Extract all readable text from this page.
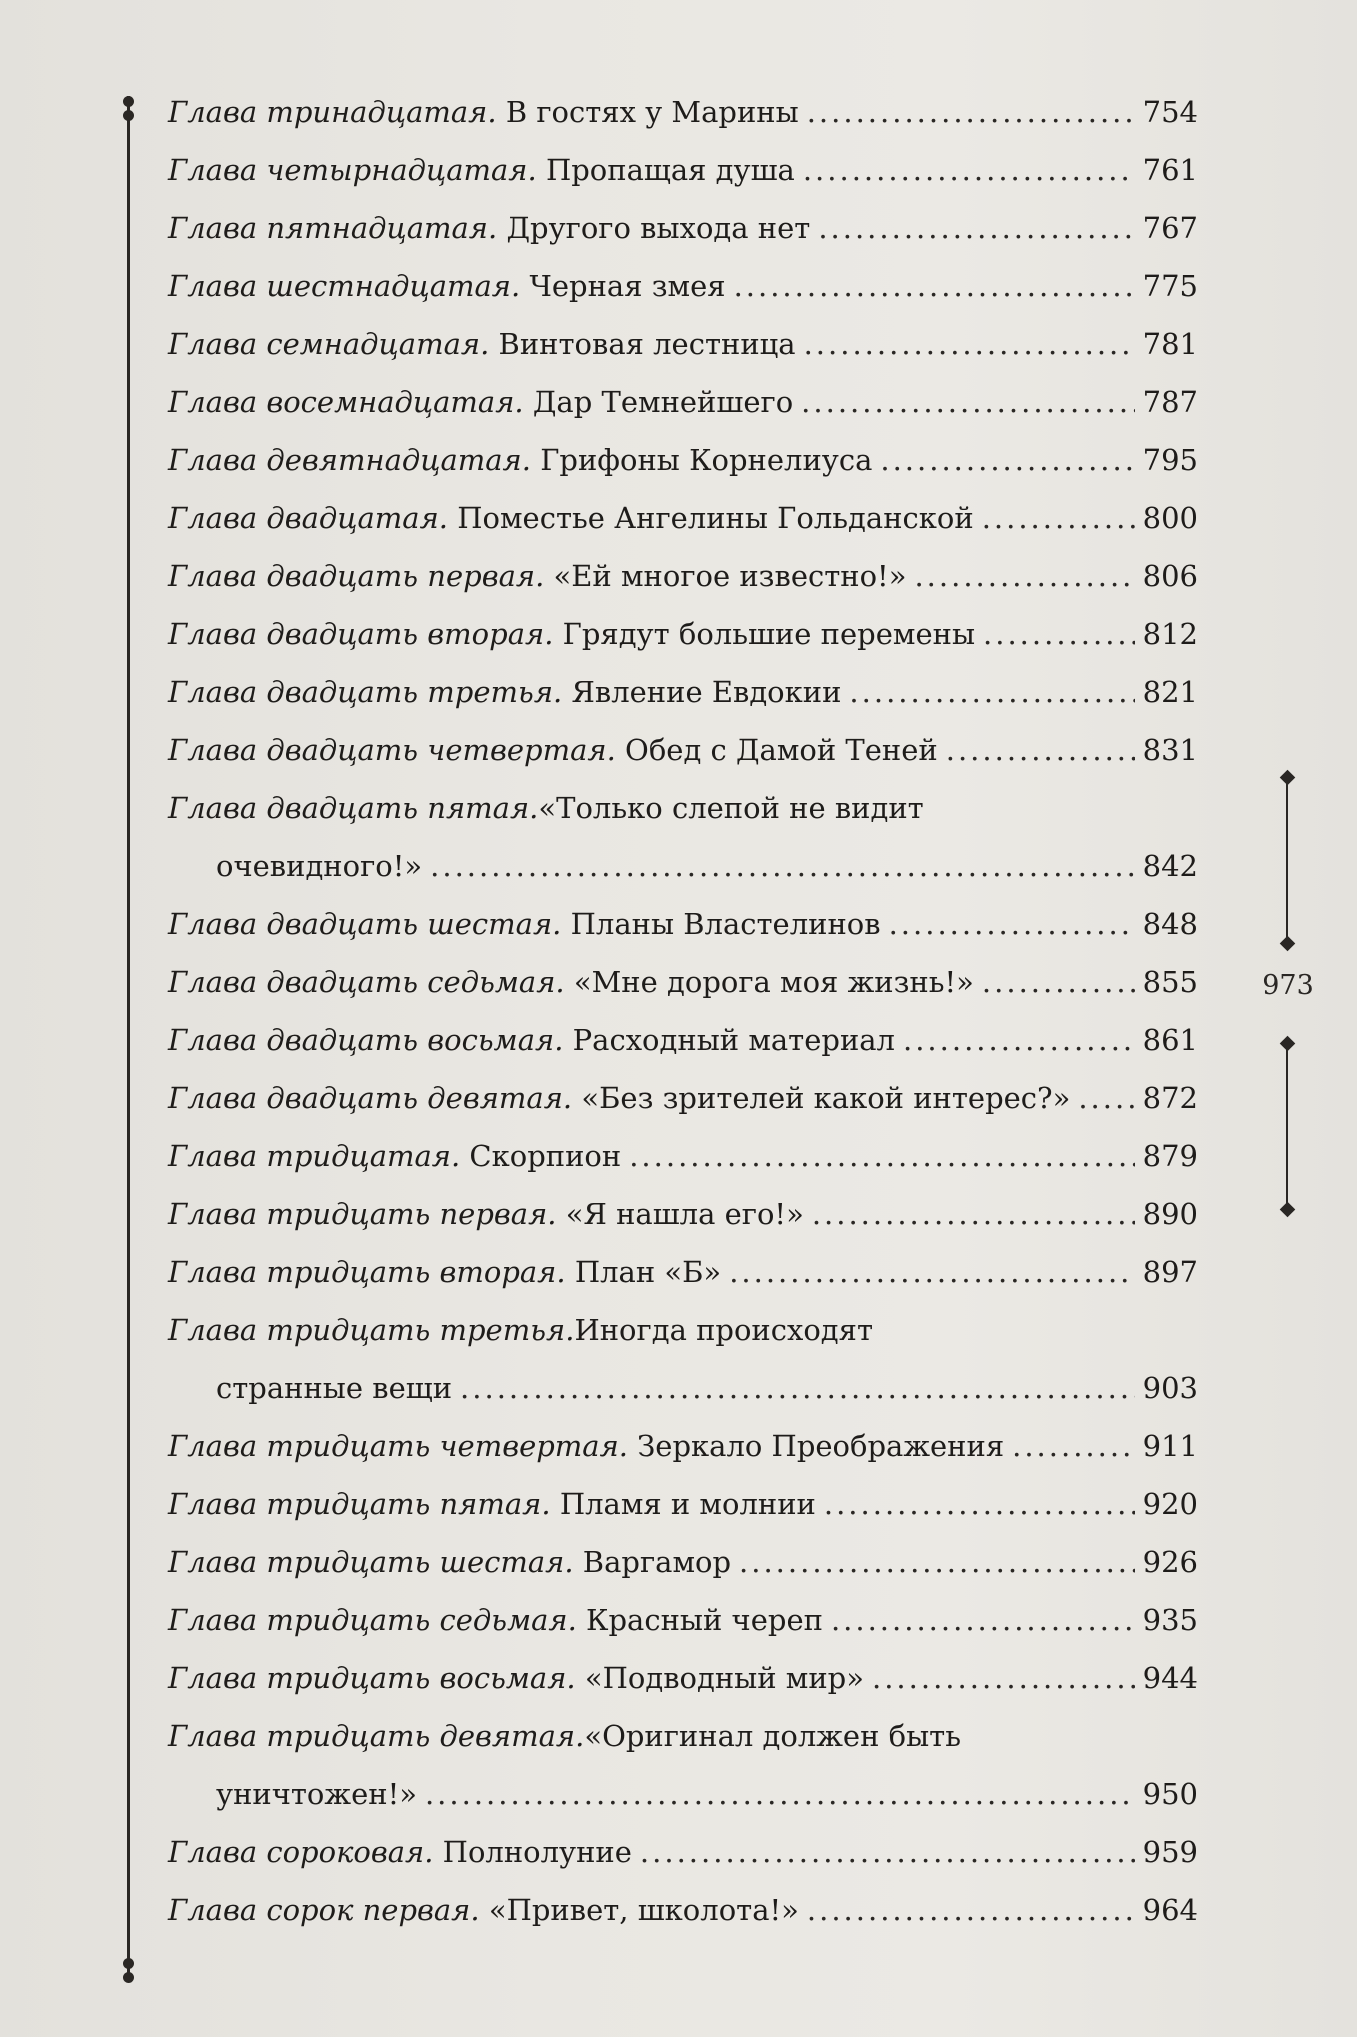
973
Глава тринадцатая. В гостях у Марины .....	754
Глава четырнадцатая. Пропащая душа .....	761
Глава пятнадцатая. Другого выхода нет .....	767
Глава шестнадцатая. Черная змея .....	775
Глава семнадцатая. Винтовая лестница .....	781
Глава восемнадцатая. Дар Темнейшего .....	787
Глава девятнадцатая. Грифоны Корнелиуса .....	795
Глава двадцатая. Поместье Ангелины Гольданской .....	800
Глава двадцать первая. «Ей многое известно!» .....	806
Глава двадцать вторая. Грядут большие перемены .....	812
Глава двадцать третья. Явление Евдокии .....	821
Глава двадцать четвертая. Обед с Дамой Теней .....	831
Глава двадцать пятая. «Только слепой не видит
очевидного!» .....	842
Глава двадцать шестая. Планы Властелинов .....	848
Глава двадцать седьмая. «Мне дорога моя жизнь!» .....	855
Глава двадцать восьмая. Расходный материал .....	861
Глава двадцать девятая. «Без зрителей какой интерес?» ..... 872
Глава тридцатая. Скорпион .....	879
Глава тридцать первая. «Я нашла его!» .....	890
Глава тридцать вторая. План «Б» .....	897
Глава тридцать третья. Иногда происходят
странные вещи .....	903
Глава тридцать четвертая. Зеркало Преображения .....	911
Глава тридцать пятая. Пламя и молнии .....	920
Глава тридцать шестая. Варгамор .....	926
Глава тридцать седьмая. Красный череп .....	935
Глава тридцать восьмая. «Подводный мир» .....	944
Глава тридцать девятая. «Оригинал должен быть
уничтожен!» .....	950
Глава сороковая. Полнолуние .....	959
Глава сорок первая. «Привет, школота!» .....	964
